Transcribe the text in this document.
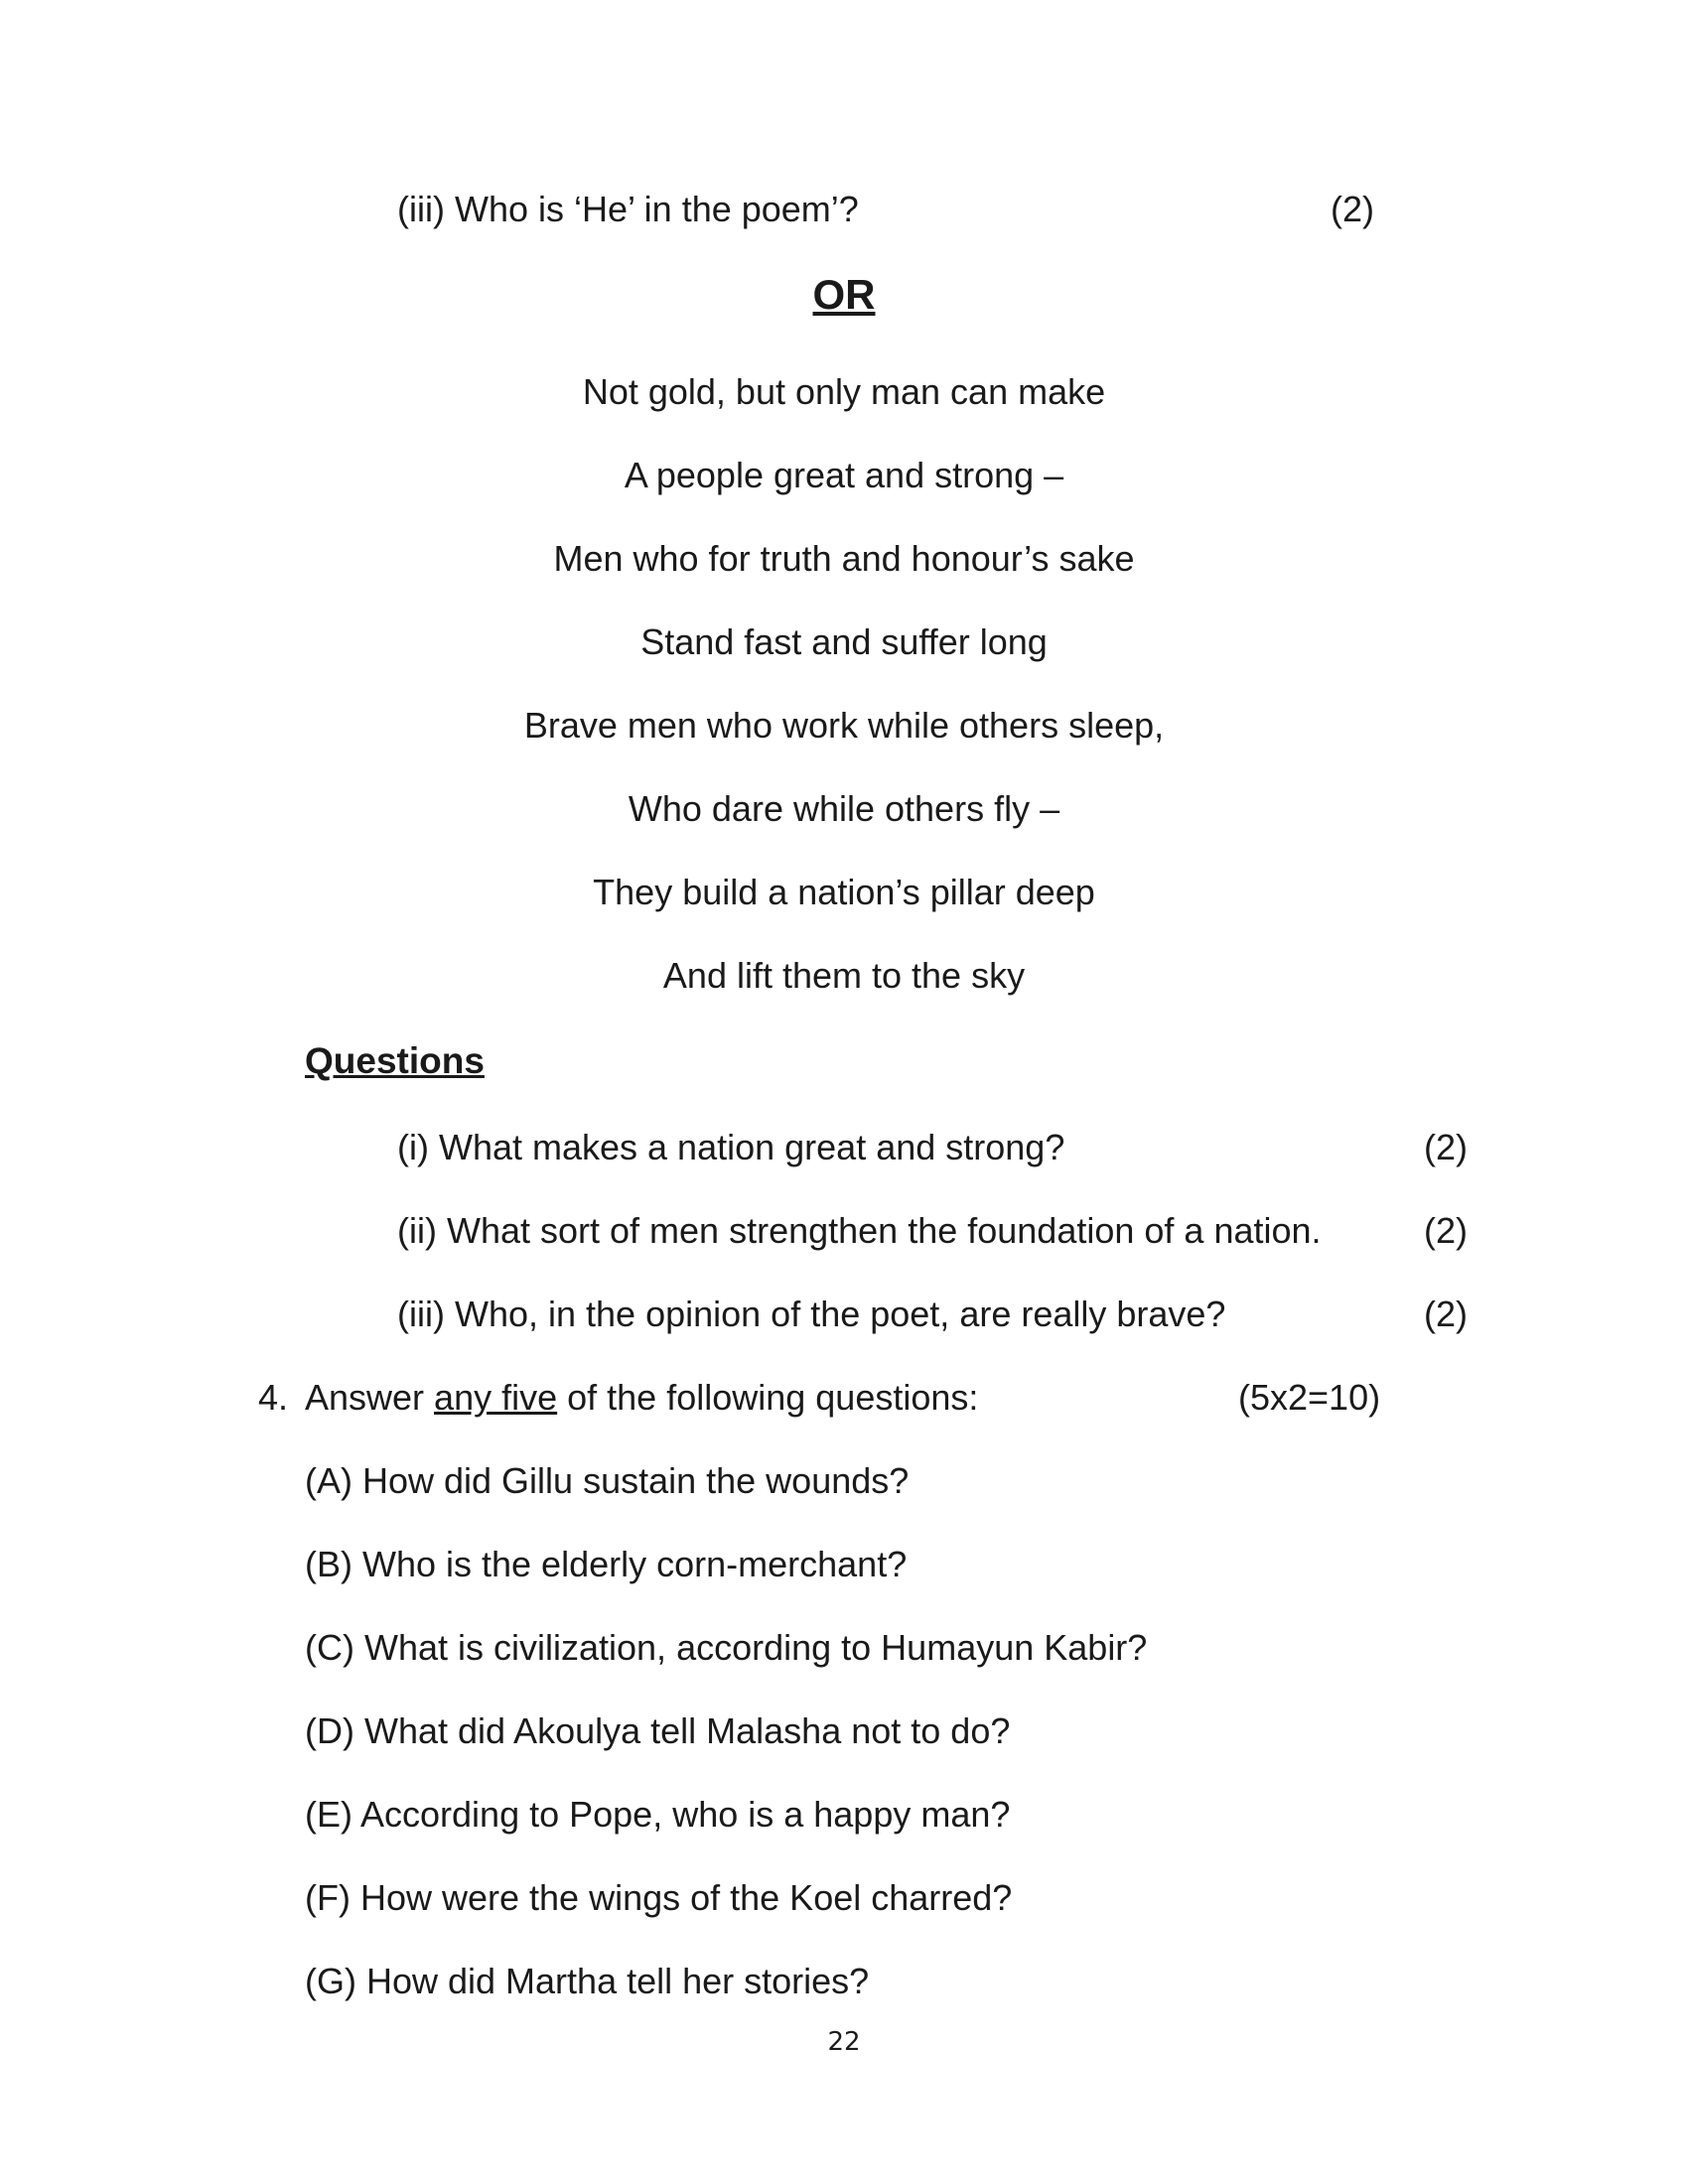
(iii) Who is ‘He’ in the poem’?	(2)
OR
Not gold, but only man can make
A people great and strong –
Men who for truth and honour’s sake
Stand fast and suffer long
Brave men who work while others sleep,
Who dare while others fly –
They build a nation’s pillar deep
And lift them to the sky
Questions
(i) What makes a nation great and strong?	(2)
(ii) What sort of men strengthen the foundation of a nation.	(2)
(iii) Who, in the opinion of the poet, are really brave?	(2)
4. Answer any five of the following questions:	(5x2=10)
(A) How did Gillu sustain the wounds?
(B) Who is the elderly corn-merchant?
(C) What is civilization, according to Humayun Kabir?
(D) What did Akoulya tell Malasha not to do?
(E) According to Pope, who is a happy man?
(F) How were the wings of the Koel charred?
(G) How did Martha tell her stories?
22
